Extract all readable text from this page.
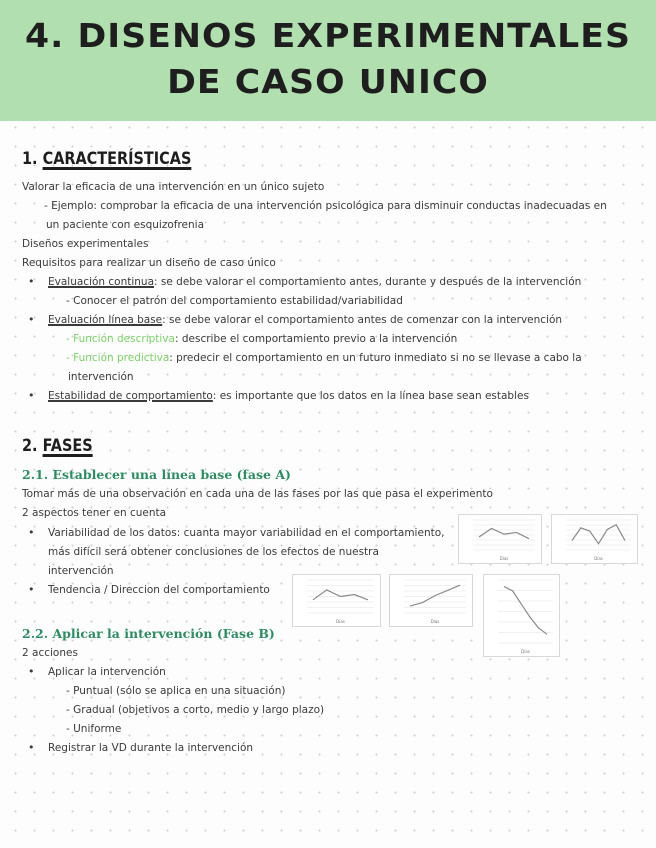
4. DISENOS EXPERIMENTALES
DE CASO UNICO
1. CARACTERÍSTICAS
Valorar la eficacia de una intervención en un único sujeto
- Ejemplo: comprobar la eficacia de una intervención psicológica para disminuir conductas inadecuadas en
un paciente con esquizofrenia
Diseños experimentales
Requisitos para realizar un diseño de caso único
• Evaluación continua: se debe valorar el comportamiento antes, durante y después de la intervención
- Conocer el patrón del comportamiento estabilidad/variabilidad
• Evaluación línea base: se debe valorar el comportamiento antes de comenzar con la intervención
- Función descriptiva: describe el comportamiento previo a la intervención
- Función predictiva: predecir el comportamiento en un futuro inmediato si no se llevase a cabo la
intervención
• Estabilidad de comportamiento: es importante que los datos en la línea base sean estables
2. FASES
2.1. Establecer una línea base (fase A)
Tomar más de una observación en cada una de las fases por las que pasa el experimento
2 aspectos tener en cuenta
• Variabilidad de los datos: cuanta mayor variabilidad en el comportamiento,
más difícil será obtener conclusiones de los efectos de nuestra
intervención
• Tendencia / Direccion del comportamiento
2.2. Aplicar la intervención (Fase B)
2 acciones
• Aplicar la intervención
- Puntual (sólo se aplica en una situación)
- Gradual (objetivos a corto, medio y largo plazo)
- Uniforme
• Registrar la VD durante la intervención
Días	Días
Días	Días
Días
